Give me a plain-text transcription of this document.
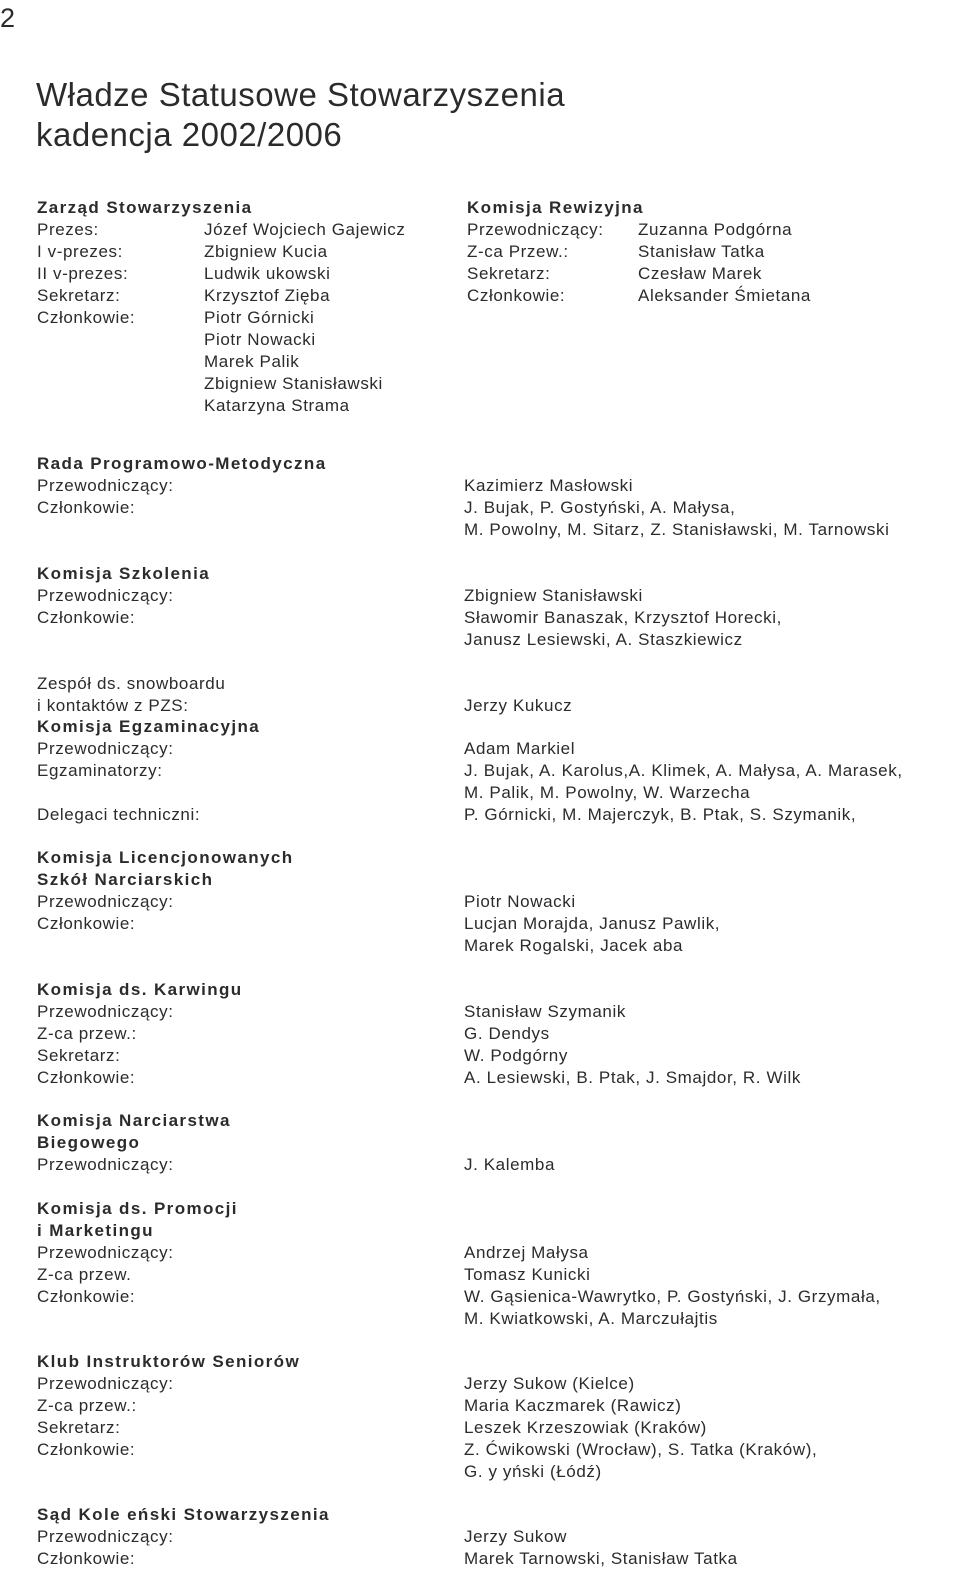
2
Władze Statusowe Stowarzyszenia
kadencja 2002/2006
Zarząd Stowarzyszenia
Prezes:	Józef Wojciech Gajewicz
I v-prezes:	Zbigniew Kucia
II v-prezes:	Ludwik ukowski
Sekretarz:	Krzysztof Zięba
Członkowie:	Piotr Górnicki
Piotr Nowacki
Marek Palik
Zbigniew Stanisławski
Katarzyna Strama
Komisja Rewizyjna
Przewodniczący: Zuzanna Podgórna
Z-ca Przew.:	Stanisław Tatka
Sekretarz:	Czesław Marek
Członkowie:	Aleksander Śmietana
Rada Programowo-Metodyczna
Przewodniczący:	Kazimierz Masłowski
Członkowie:	J. Bujak, P. Gostyński, A. Małysa,
M. Powolny, M. Sitarz, Z. Stanisławski, M. Tarnowski
Komisja Szkolenia
Przewodniczący:	Zbigniew Stanisławski
Członkowie:	Sławomir Banaszak, Krzysztof Horecki,
Janusz Lesiewski, A. Staszkiewicz
Zespół ds. snowboardu
i kontaktów z PZS:	Jerzy Kukucz
Komisja Egzaminacyjna
Przewodniczący:	Adam Markiel
Egzaminatorzy:	J. Bujak, A. Karolus,A. Klimek, A. Małysa, A. Marasek,
M. Palik, M. Powolny, W. Warzecha
Delegaci techniczni:	P. Górnicki, M. Majerczyk, B. Ptak, S. Szymanik,
Komisja Licencjonowanych
Szkół Narciarskich
Przewodniczący:	Piotr Nowacki
Członkowie:	Lucjan Morajda, Janusz Pawlik,
Marek Rogalski, Jacek aba
Komisja ds. Karwingu
Przewodniczący:	Stanisław Szymanik
Z-ca przew.:	G. Dendys
Sekretarz:	W. Podgórny
Członkowie:	A. Lesiewski, B. Ptak, J. Smajdor, R. Wilk
Komisja Narciarstwa
Biegowego
Przewodniczący:	J. Kalemba
Komisja ds. Promocji
i Marketingu
Przewodniczący:	Andrzej Małysa
Z-ca przew.	Tomasz Kunicki
Członkowie:	W. Gąsienica-Wawrytko, P. Gostyński, J. Grzymała,
M. Kwiatkowski, A. Marczułajtis
Klub Instruktorów Seniorów
Przewodniczący:	Jerzy Sukow (Kielce)
Z-ca przew.:	Maria Kaczmarek (Rawicz)
Sekretarz:	Leszek Krzeszowiak (Kraków)
Członkowie:	Z. Ćwikowski (Wrocław), S. Tatka (Kraków),
G. y yński (Łódź)
Sąd Kole eński Stowarzyszenia
Przewodniczący:	Jerzy Sukow
Członkowie:	Marek Tarnowski, Stanisław Tatka
